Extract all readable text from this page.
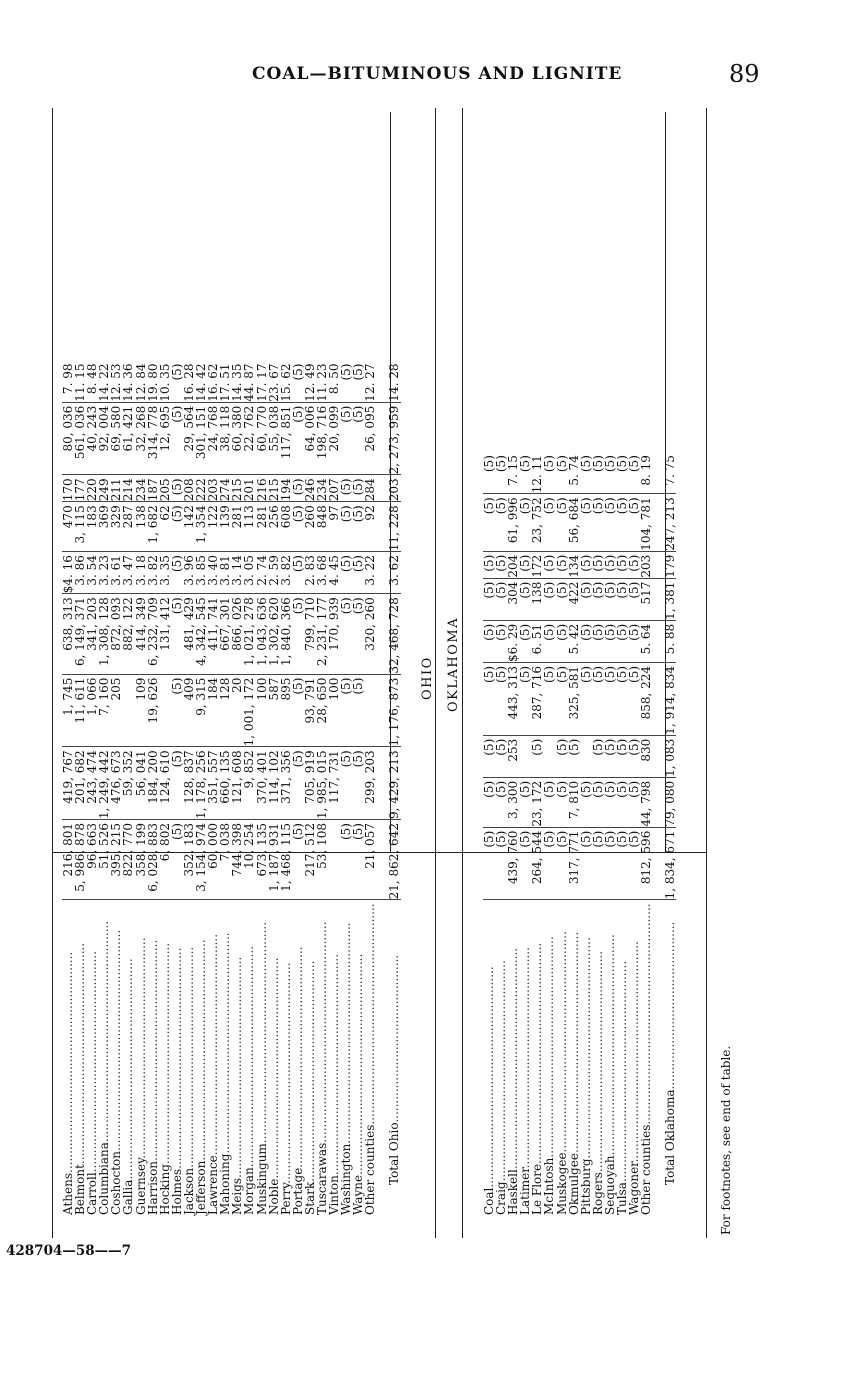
COAL—BITUMINOUS AND LIGNITE	89
OHIO OKLAHOMA
Athens..........................................................	216, 801	419, 767	1, 745	638, 313	$4. 16	470	170	80, 036	7. 98
Belmont..........................................................	5, 986, 878	201, 682	11, 611	6, 149, 371	3. 86	3, 115	177	561, 036	11. 15
Carroll..........................................................	96, 663	243, 474	1, 066	341, 203	3. 54	183	220	40, 243	8. 48
Columbiana..........................................................	51, 526	1, 249, 442	7, 160	1, 308, 128	3. 23	369	249	92, 004	14. 22
Coshocton..........................................................	395, 215	476, 673	205	872, 093	3. 61	329	211	69, 580	12. 53
Gallia..........................................................	822, 770	59, 352		882, 122	3. 47	287	214	61, 421	14. 36
Guernsey..........................................................	358, 199	56, 041	109	414, 349	3. 18	138	234	32, 268	12. 84
Harrison..........................................................	6, 028, 883	184, 200	19, 626	6, 232, 709	3. 82	1, 682	187	314, 778	19. 80
Hocking..........................................................	6, 802	124, 610		131, 412	3. 35	62	205	12, 695	10. 35
Holmes..........................................................	(5)	(5)	(5)	(5)	(5)	(5)	(5)	(5)	(5)
Jackson..........................................................	352, 183	128, 837	409	481, 429	3. 96	142	208	29, 564	16. 28
Jefferson..........................................................	3, 154, 974	1, 178, 256	9, 315	4, 342, 545	3. 85	1, 354	222	301, 151	14. 42
Lawrence..........................................................	60, 000	351, 557	184	411, 741	3. 40	122	203	24, 768	16. 62
Mahoning..........................................................	7, 038	660, 135	128	667, 301	3. 81	139	274	38, 118	17. 51
Meigs..........................................................	744, 398	121, 608	20	866, 026	3. 14	281	215	60, 380	14. 35
Morgan..........................................................	10, 254	9, 852	1, 001, 172	1, 021, 278	3. 05	113	201	22, 762	44. 87
Muskingum..........................................................	673, 135	370, 401	100	1, 043, 636	2. 74	281	216	60, 770	17. 17
Noble..........................................................	1, 187, 931	114, 102	587	1, 302, 620	2. 59	256	215	55, 038	23. 67
Perry..........................................................	1, 468, 115	371, 356	895	1, 840, 366	3. 82	608	194	117, 851	15. 62
Portage..........................................................	(5)	(5)	(5)	(5)	(5)	(5)	(5)	(5)	(5)
Stark..........................................................	217, 512	705, 919	93, 791	799, 710	2. 83	260	246	64, 006	12. 49
Tuscarawas..........................................................	53, 108	1, 985, 015	28, 650	2, 231, 177	3. 68	848	234	198, 716	11. 23
Vinton..........................................................		117, 731	100	170, 939	4. 45	97	207	20, 099	8. 50
Washington..........................................................	(5)	(5)	(5)	(5)	(5)	(5)	(5)	(5)	(5)
Wayne..........................................................	(5)	(5)	(5)	(5)	(5)	(5)	(5)	(5)	(5)
Other counties..........................................................	21, 057	299, 203		320, 260	3. 22	92	284	26, 095	12. 27
Total Ohio............................................	21, 862, 642	9, 429, 213	1, 176, 873	32, 468, 728	3. 62	11, 228	203	2, 273, 959	14. 28
Coal..........................................................	(5)	(5)	(5)	(5)	(5)	(5)	(5)	(5)	(5)
Craig..........................................................	(5)	(5)	(5)	(5)	(5)	(5)	(5)	(5)	(5)
Haskell..........................................................	439, 760	3, 300	253	443, 313	$6. 29	304	204	61, 996	7. 15
Latimer..........................................................	(5)	(5)		(5)	(5)	(5)	(5)	(5)	(5)
Le Flore..........................................................	264, 544	23, 172	(5)	287, 716	6. 51	138	172	23, 752	12. 11
McIntosh..........................................................	(5)	(5)		(5)	(5)	(5)	(5)	(5)	(5)
Muskogee..........................................................	(5)	(5)	(5)	(5)	(5)	(5)	(5)	(5)	(5)
Okmulgee..........................................................	317, 771	7, 810	(5)	325, 581	5. 42	422	134	56, 684	5. 74
Pittsburg..........................................................	(5)	(5)		(5)	(5)	(5)	(5)	(5)	(5)
Rogers..........................................................	(5)	(5)	(5)	(5)	(5)	(5)	(5)	(5)	(5)
Sequoyah..........................................................	(5)	(5)	(5)	(5)	(5)	(5)	(5)	(5)	(5)
Tulsa..........................................................	(5)	(5)	(5)	(5)	(5)	(5)	(5)	(5)	(5)
Wagoner..........................................................	(5)	(5)	(5)	(5)	(5)	(5)	(5)	(5)	(5)
Other counties..........................................................	812, 596	44, 798	830	858, 224	5. 64	517	203	104, 781	8. 19
Total Oklahoma............................................	1, 834, 671	79, 080	1, 083	1, 914, 834	5. 88	1, 381	179	247, 213	7. 75
428704—58——7
For footnotes, see end of table.
